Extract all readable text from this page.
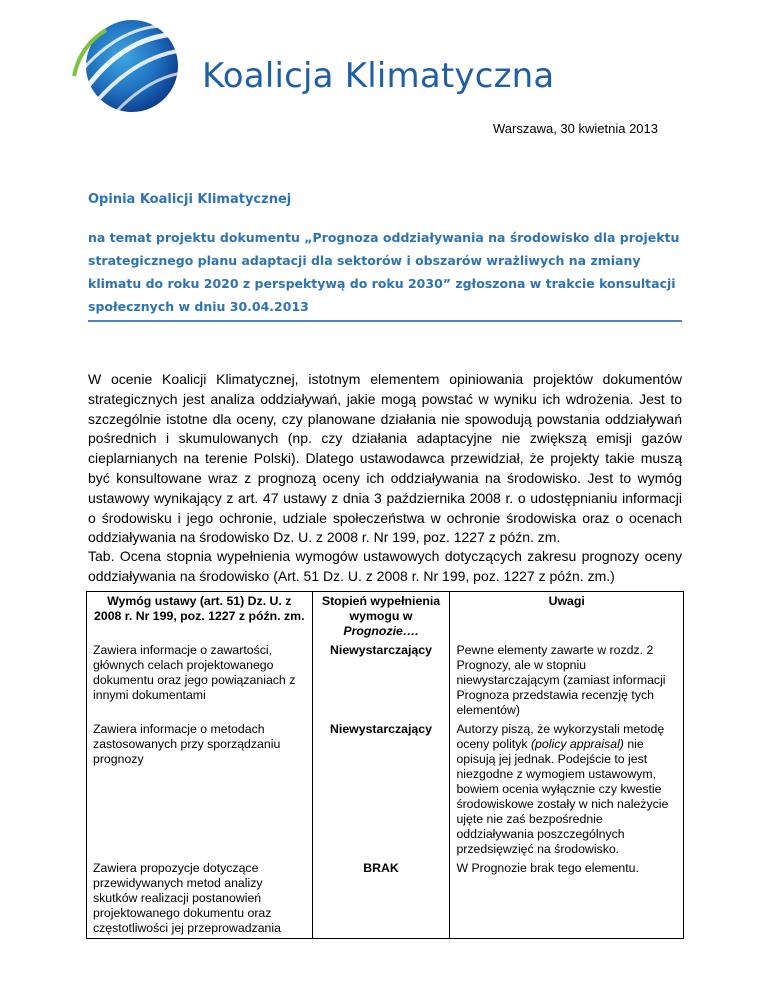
Koalicja Klimatyczna
Warszawa, 30 kwietnia 2013
Opinia Koalicji Klimatycznej
na temat projektu dokumentu „Prognoza oddziaływania na środowisko dla projektu strategicznego planu adaptacji dla sektorów i obszarów wrażliwych na zmiany klimatu do roku 2020 z perspektywą do roku 2030” zgłoszona w trakcie konsultacji społecznych w dniu 30.04.2013
W ocenie Koalicji Klimatycznej, istotnym elementem opiniowania projektów dokumentów strategicznych jest analiza oddziaływań, jakie mogą powstać w wyniku ich wdrożenia. Jest to szczególnie istotne dla oceny, czy planowane działania nie spowodują powstania oddziaływań pośrednich i skumulowanych (np. czy działania adaptacyjne nie zwiększą emisji gazów cieplarnianych na terenie Polski). Dlatego ustawodawca przewidział, że projekty takie muszą być konsultowane wraz z prognozą oceny ich oddziaływania na środowisko. Jest to wymóg ustawowy wynikający z art. 47 ustawy z dnia 3 października 2008 r. o udostępnianiu informacji o środowisku i jego ochronie, udziale społeczeństwa w ochronie środowiska oraz o ocenach oddziaływania na środowisko Dz. U. z 2008 r. Nr 199, poz. 1227 z późn. zm.
Tab. Ocena stopnia wypełnienia wymogów ustawowych dotyczących zakresu prognozy oceny oddziaływania na środowisko (Art. 51 Dz. U. z 2008 r. Nr 199, poz. 1227 z późn. zm.)
Wymóg ustawy (art. 51) Dz. U. z 2008 r. Nr 199, poz. 1227 z późn. zm.	Stopień wypełnienia wymogu w Prognozie….	Uwagi
Zawiera informacje o zawartości, głównych celach projektowanego dokumentu oraz jego powiązaniach z innymi dokumentami	Niewystarczający	Pewne elementy zawarte w rozdz. 2 Prognozy, ale w stopniu niewystarczającym (zamiast informacji Prognoza przedstawia recenzję tych elementów)
Zawiera informacje o metodach zastosowanych przy sporządzaniu prognozy	Niewystarczający	Autorzy piszą, że wykorzystali metodę oceny polityk (policy appraisal) nie opisują jej jednak. Podejście to jest niezgodne z wymogiem ustawowym, bowiem ocenia wyłącznie czy kwestie środowiskowe zostały w nich należycie ujęte nie zaś bezpośrednie oddziaływania poszczególnych przedsięwzięć na środowisko.
Zawiera propozycje dotyczące przewidywanych metod analizy skutków realizacji postanowień projektowanego dokumentu oraz częstotliwości jej przeprowadzania	BRAK	W Prognozie brak tego elementu.
